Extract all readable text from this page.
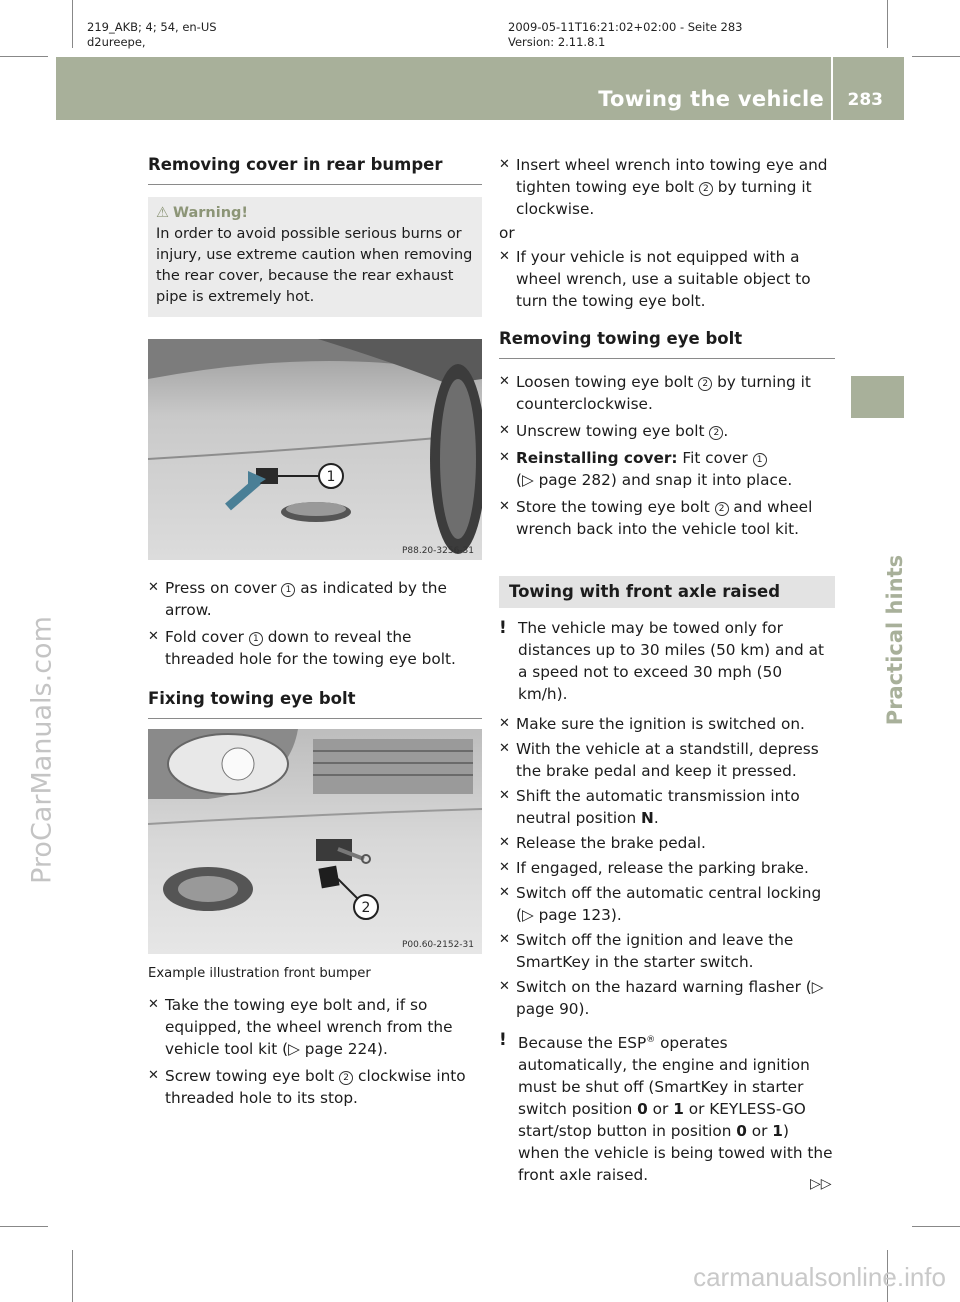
219_AKB; 4; 54, en-US
d2ureepe,
2009-05-11T16:21:02+02:00 - Seite 283
Version: 2.11.8.1
Towing the vehicle 283
Practical hints
ProCarManuals.com
Removing cover in rear bumper
⚠ Warning!
In order to avoid possible serious burns or injury, use extreme caution when removing the rear cover, because the rear exhaust pipe is extremely hot.
1
P88.20-3256-31

✕ Press on cover 1 as indicated by the arrow.

✕ Fold cover 1 down to reveal the threaded hole for the towing eye bolt.

Fixing towing eye bolt
2
P00.60-2152-31
Example illustration front bumper

✕ Take the towing eye bolt and, if so equipped, the wheel wrench from the vehicle tool kit (▷ page 224).

✕ Screw towing eye bolt 2 clockwise into threaded hole to its stop.

✕ Insert wheel wrench into towing eye and tighten towing eye bolt 2 by turning it clockwise.

or

✕ If your vehicle is not equipped with a wheel wrench, use a suitable object to turn the towing eye bolt.

Removing towing eye bolt

✕ Loosen towing eye bolt 2 by turning it counterclockwise.

✕ Unscrew towing eye bolt 2 .

✕ Reinstalling cover: Fit cover 1
(▷ page 282) and snap it into place.

✕ Store the towing eye bolt 2 and wheel wrench back into the vehicle tool kit.

Towing with front axle raised
! The vehicle may be towed only for distances up to 30 miles (50 km) and at a speed not to exceed 30 mph (50 km/h).

✕ Make sure the ignition is switched on.

✕ With the vehicle at a standstill, depress the brake pedal and keep it pressed.

✕ Shift the automatic transmission into neutral position N.

✕ Release the brake pedal.

✕ If engaged, release the parking brake.

✕ Switch off the automatic central locking (▷ page 123).

✕ Switch off the ignition and leave the SmartKey in the starter switch.

✕ Switch on the hazard warning flasher (▷ page 90).

! Because the ESP® operates automatically, the engine and ignition must be shut off (SmartKey in starter switch position 0 or 1 or KEYLESS-GO start/stop button in position 0 or 1) when the vehicle is being towed with the front axle raised.	▷▷
carmanualsonline.info
